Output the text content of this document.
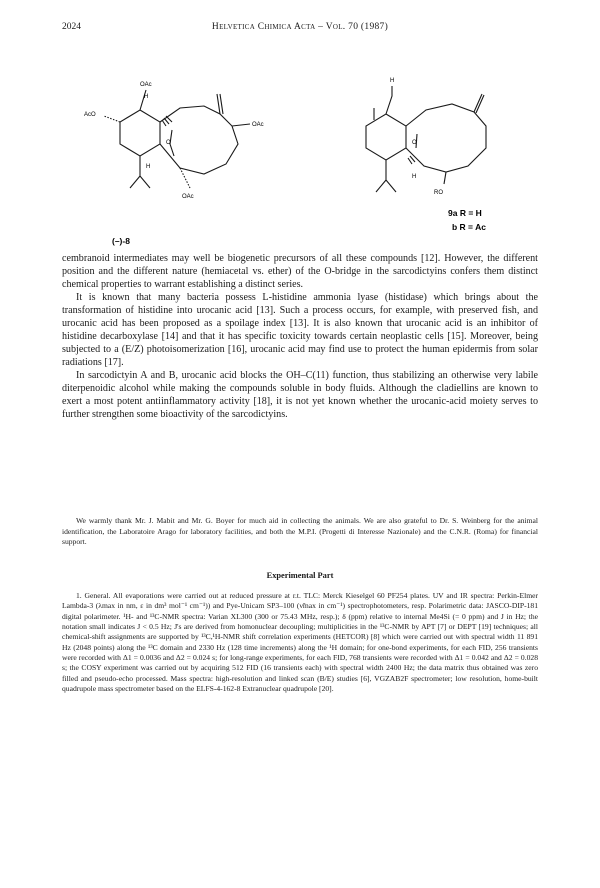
2024	Helvetica Chimica Acta – Vol. 70 (1987)
OAc
H
AcO
OAc
O
H
OAc
(–)-8
H
O
H
RO
9a R = H
b R = Ac

cembranoid intermediates may well be biogenetic precursors of all these compounds [12]. However, the different position and the different nature (hemiacetal vs. ether) of the O-bridge in the sarcodictyins confers them distinct chemical properties to warrant establishing a distinct series.

It is known that many bacteria possess L-histidine ammonia lyase (histidase) which brings about the transformation of histidine into urocanic acid [13]. Such a process occurs, for example, with preserved fish, and urocanic acid has been proposed as a spoilage index [13]. It is also known that urocanic acid is an inhibitor of histidine decarboxylase [14] and that it has specific toxicity towards certain neoplastic cells [15]. Moreover, being subjected to a (E/Z) photoisomerization [16], urocanic acid may find use to protect the human epidermis from solar radiations [17].

In sarcodictyin A and B, urocanic acid blocks the OH–C(11) function, thus stabilizing an otherwise very labile diterpenoidic alcohol while making the compounds soluble in body fluids. Although the cladiellins are known to exert a most potent antiinflammatory activity [18], it is not yet known whether the urocanic-acid moiety serves to further strengthen some bioactivity of the sarcodictyins.

We warmly thank Mr. J. Mabit and Mr. G. Boyer for much aid in collecting the animals. We are also grateful to Dr. S. Weinberg for the animal identification, the Laboratoire Arago for laboratory facilities, and both the M.P.I. (Progetti di Interesse Nazionale) and the C.N.R. (Roma) for financial support.

Experimental Part

1. General. All evaporations were carried out at reduced pressure at r.t. TLC: Merck Kieselgel 60 PF254 plates. UV and IR spectra: Perkin-Elmer Lambda-3 (λmax in nm, ε in dm³ mol⁻¹ cm⁻¹)) and Pye-Unicam SP3–100 (ν̃max in cm⁻¹) spectrophotometers, resp. Polarimetric data: JASCO-DIP-181 digital polarimeter. ¹H- and ¹³C-NMR spectra: Varian XL300 (300 or 75.43 MHz, resp.); δ (ppm) relative to internal Me4Si (= 0 ppm) and J in Hz; the notation small indicates J < 0.5 Hz; J's are derived from homonuclear decoupling; multiplicities in the ¹³C-NMR by APT [7] or DEPT [19] techniques; all chemical-shift assignments are supported by ¹³C,¹H-NMR shift correlation experiments (HETCOR) [8] which were carried out with spectral width 11 891 Hz (2048 points) along the ¹³C domain and 2330 Hz (128 time increments) along the ¹H domain; for one-bond experiments, for each FID, 256 transients were recorded with Δ1 = 0.0036 and Δ2 = 0.024 s; for long-range experiments, for each FID, 768 transients were recorded with Δ1 = 0.042 and Δ2 = 0.028 s; the COSY experiment was carried out by acquiring 512 FID (16 transients each) with spectral width 2400 Hz; the data matrix thus obtained was zero filled and pseudo-echo processed. Mass spectra: high-resolution and linked scan (B/E) studies [6], VGZAB2F spectrometer; low resolution, home-built quadrupole mass spectrometer based on the ELFS-4-162-8 Extranuclear quadrupole [20].
